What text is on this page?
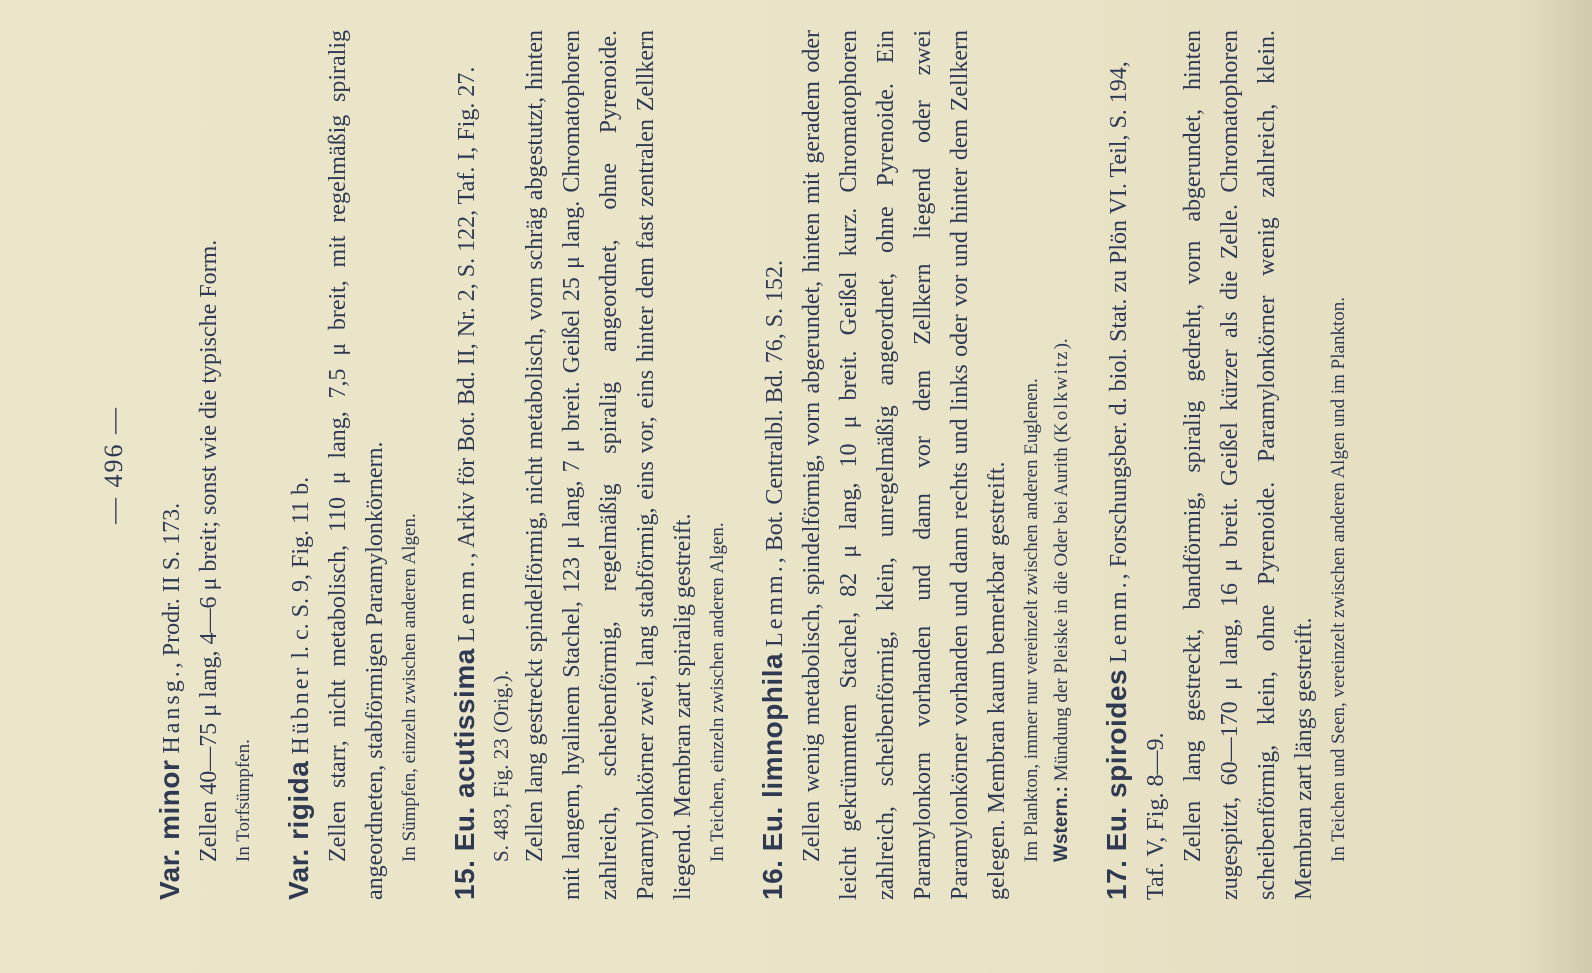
— 496 —
Var. minor Hansg., Prodr. II S. 173. Zellen 40—75 μ lang, 4—6 μ breit; sonst wie die typische Form. In Torfsümpfen. Var. rigida Hübner l. c. S. 9, Fig. 11 b. Zellen starr, nicht metabolisch, 110 μ lang, 7,5 μ breit, mit regelmäßig spiralig angeordneten, stabförmigen Paramylonkörnern. In Sümpfen, einzeln zwischen anderen Algen. 15. Eu. acutissima Lemm., Arkiv för Bot. Bd. II, Nr. 2, S. 122, Taf. I, Fig. 27.
S. 483, Fig. 23 (Orig.). Zellen lang gestreckt spindelförmig, nicht metabolisch, vorn schräg abgestutzt, hinten mit langem, hyalinem Stachel, 123 μ lang, 7 μ breit. Geißel 25 μ lang. Chromatophoren zahlreich, scheibenförmig, regelmäßig spiralig angeordnet, ohne Pyrenoide. Paramylonkörner zwei, lang stabförmig, eins vor, eins hinter dem fast zentralen Zellkern liegend. Membran zart spiralig gestreift. In Teichen, einzeln zwischen anderen Algen. 16. Eu. limnophila Lemm., Bot. Centralbl. Bd. 76, S. 152. Zellen wenig metabolisch, spindelförmig, vorn abgerundet, hinten mit geradem oder leicht gekrümmtem Stachel, 82 μ lang, 10 μ breit. Geißel kurz. Chromatophoren zahlreich, scheibenförmig, klein, unregelmäßig angeordnet, ohne Pyrenoide. Ein Paramylonkorn vorhanden und dann vor dem Zellkern liegend oder zwei Paramylonkörner vorhanden und dann rechts und links oder vor und hinter dem Zellkern gelegen. Membran kaum bemerkbar gestreift. Im Plankton, immer nur vereinzelt zwischen anderen Euglenen. Wstern.: Mündung der Pleiske in die Oder bei Aurith (Kolkwitz).
17. Eu. spiroides Lemm., Forschungsber. d. biol. Stat. zu Plön VI. Teil, S. 194, Taf. V, Fig. 8—9. Zellen lang gestreckt, bandförmig, spiralig gedreht, vorn abgerundet, hinten zugespitzt, 60—170 μ lang, 16 μ breit. Geißel kürzer als die Zelle. Chromatophoren scheibenförmig, klein, ohne Pyrenoide. Paramylonkörner wenig zahlreich, klein. Membran zart längs gestreift. In Teichen und Seen, vereinzelt zwischen anderen Algen und im Plankton.
